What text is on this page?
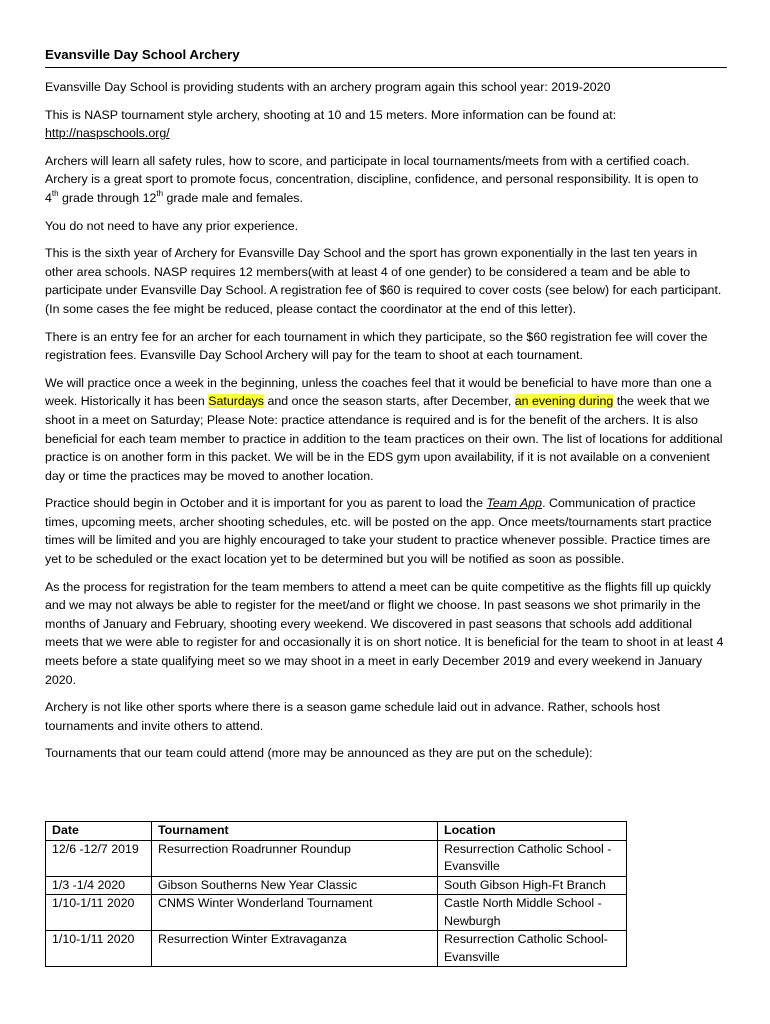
Evansville Day School Archery

Evansville Day School is providing students with an archery program again this school year: 2019-2020

This is NASP tournament style archery, shooting at 10 and 15 meters. More information can be found at:
http://naspschools.org/

Archers will learn all safety rules, how to score, and participate in local tournaments/meets from with a certified coach. Archery is a great sport to promote focus, concentration, discipline, confidence, and personal responsibility. It is open to
4th grade through 12th grade male and females.

You do not need to have any prior experience.

This is the sixth year of Archery for Evansville Day School and the sport has grown exponentially in the last ten years in other area schools. NASP requires 12 members(with at least 4 of one gender) to be considered a team and be able to participate under Evansville Day School. A registration fee of $60 is required to cover costs (see below) for each participant. (In some cases the fee might be reduced, please contact the coordinator at the end of this letter).

There is an entry fee for an archer for each tournament in which they participate, so the $60 registration fee will cover the registration fees. Evansville Day School Archery will pay for the team to shoot at each tournament.

We will practice once a week in the beginning, unless the coaches feel that it would be beneficial to have more than one a week. Historically it has been Saturdays and once the season starts, after December, an evening during the week that we shoot in a meet on Saturday; Please Note: practice attendance is required and is for the benefit of the archers. It is also beneficial for each team member to practice in addition to the team practices on their own. The list of locations for additional practice is on another form in this packet. We will be in the EDS gym upon availability, if it is not available on a convenient day or time the practices may be moved to another location.

Practice should begin in October and it is important for you as parent to load the Team App. Communication of practice times, upcoming meets, archer shooting schedules, etc. will be posted on the app. Once meets/tournaments start practice times will be limited and you are highly encouraged to take your student to practice whenever possible. Practice times are yet to be scheduled or the exact location yet to be determined but you will be notified as soon as possible.

As the process for registration for the team members to attend a meet can be quite competitive as the flights fill up quickly and we may not always be able to register for the meet/and or flight we choose. In past seasons we shot primarily in the months of January and February, shooting every weekend. We discovered in past seasons that schools add additional meets that we were able to register for and occasionally it is on short notice. It is beneficial for the team to shoot in at least 4 meets before a state qualifying meet so we may shoot in a meet in early December 2019 and every weekend in January 2020.

Archery is not like other sports where there is a season game schedule laid out in advance. Rather, schools host tournaments and invite others to attend.

Tournaments that our team could attend (more may be announced as they are put on the schedule):

Date	Tournament	Location
12/6 -12/7 2019	Resurrection Roadrunner Roundup	Resurrection Catholic School - Evansville
1/3 -1/4 2020	Gibson Southerns New Year Classic	South Gibson High-Ft Branch
1/10-1/11 2020	CNMS Winter Wonderland Tournament	Castle North Middle School - Newburgh
1/10-1/11 2020	Resurrection Winter Extravaganza	Resurrection Catholic School-Evansville
